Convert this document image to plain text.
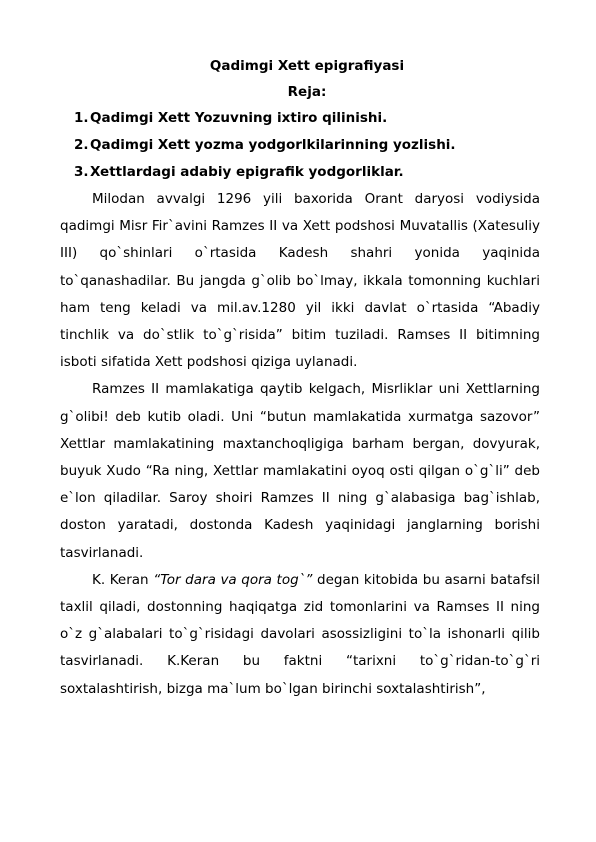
Qadimgi Xett epigrafiyasi
Reja:
1.Qadimgi Xett Yozuvning ixtiro qilinishi.
2.Qadimgi Xett yozma yodgorlkilarinning yozlishi.
3.Xettlardagi adabiy epigrafik yodgorliklar.

Milodan avvalgi 1296 yili baxorida Orant daryosi vodiysida qadimgi Misr Fir`avini Ramzes II va Xett podshosi Muvatallis (Xatesuliy III) qo`shinlari o`rtasida Kadesh shahri yonida yaqinida to`qanashadilar. Bu jangda g`olib bo`lmay, ikkala tomonning kuchlari ham teng keladi va mil.av.1280 yil ikki davlat o`rtasida “Abadiy tinchlik va do`stlik to`g`risida” bitim tuziladi. Ramses II bitimning isboti sifatida Xett podshosi qiziga uylanadi.

Ramzes II mamlakatiga qaytib kelgach, Misrliklar uni Xettlarning g`olibi! deb kutib oladi. Uni “butun mamlakatida xurmatga sazovor” Xettlar mamlakatining maxtanchoqligiga barham bergan, dovyurak, buyuk Xudo “Ra ning, Xettlar mamlakatini oyoq osti qilgan o`g`li” deb e`lon qiladilar. Saroy shoiri Ramzes II ning g`alabasiga bag`ishlab, doston yaratadi, dostonda Kadesh yaqinidagi janglarning borishi tasvirlanadi.

K. Keran “Tor dara va qora tog`” degan kitobida bu asarni batafsil taxlil qiladi, dostonning haqiqatga zid tomonlarini va Ramses II ning o`z g`alabalari to`g`risidagi davolari asossizligini to`la ishonarli qilib tasvirlanadi. K.Keran bu faktni “tarixni to`g`ridan-to`g`ri soxtalashtirish, bizga ma`lum bo`lgan birinchi soxtalashtirish”,
